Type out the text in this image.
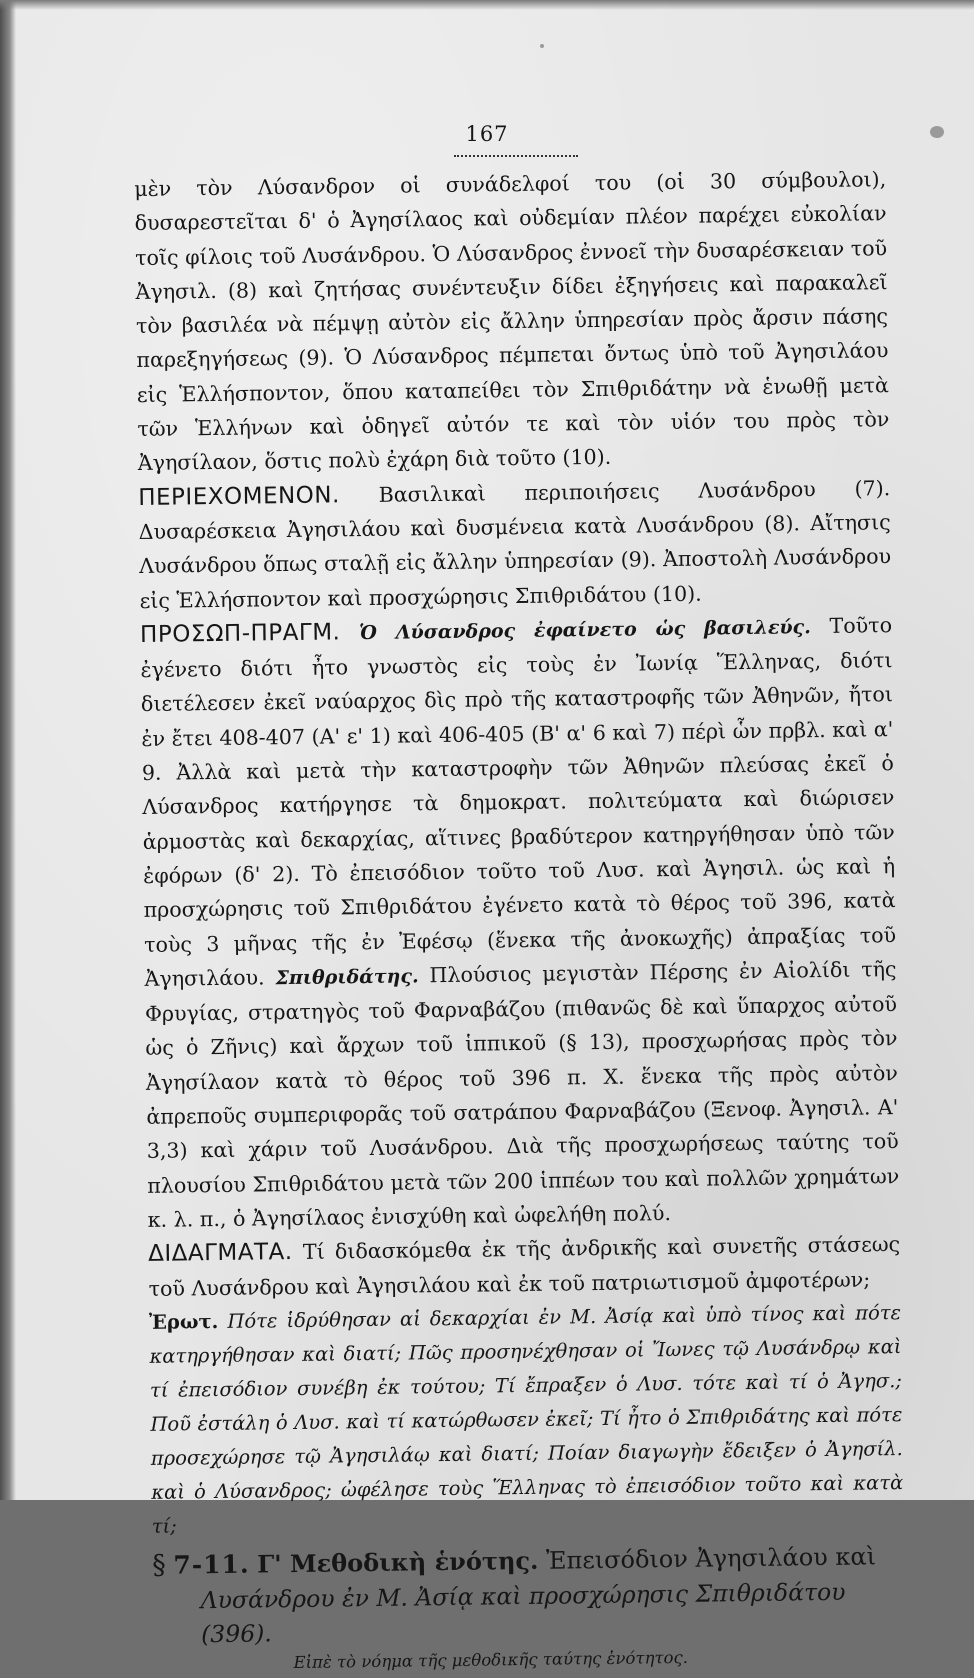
167

μὲν τὸν Λύσανδρον οἱ συνάδελφοί του (οἱ 30 σύμβουλοι), δυσαρεστεῖται δ' ὁ Ἀγησίλαος καὶ οὐδεμίαν πλέον παρέχει εὐκολίαν τοῖς φίλοις τοῦ Λυσάνδρου. Ὁ Λύσανδρος ἐννοεῖ τὴν δυσαρέσκειαν τοῦ Ἀγησιλ. (8) καὶ ζητήσας συνέντευξιν δίδει ἐξηγήσεις καὶ παρακαλεῖ τὸν βασιλέα νὰ πέμψῃ αὐτὸν εἰς ἄλλην ὑπηρεσίαν πρὸς ἄρσιν πάσης παρεξηγήσεως (9). Ὁ Λύσανδρος πέμπεται ὄντως ὑπὸ τοῦ Ἀγησιλάου εἰς Ἑλλήσποντον, ὅπου καταπείθει τὸν Σπιθριδάτην νὰ ἑνωθῇ μετὰ τῶν Ἑλλήνων καὶ ὁδηγεῖ αὐτόν τε καὶ τὸν υἱόν του πρὸς τὸν Ἀγησίλαον, ὅστις πολὺ ἐχάρη διὰ τοῦτο (10).

ΠΕΡΙΕΧΟΜΕΝΟΝ. Βασιλικαὶ περιποιήσεις Λυσάνδρου (7). Δυσαρέσκεια Ἀγησιλάου καὶ δυσμένεια κατὰ Λυσάνδρου (8). Αἴτησις Λυσάνδρου ὅπως σταλῇ εἰς ἄλλην ὑπηρεσίαν (9). Ἀποστολὴ Λυσάνδρου εἰς Ἑλλήσποντον καὶ προσχώρησις Σπιθριδάτου (10).

ΠΡΟΣΩΠ-ΠΡΑΓΜ. Ὁ Λύσανδρος ἐφαίνετο ὡς βασιλεύς. Τοῦτο ἐγένετο διότι ἦτο γνωστὸς εἰς τοὺς ἐν Ἰωνίᾳ Ἕλληνας, διότι διετέλεσεν ἐκεῖ ναύαρχος δὶς πρὸ τῆς καταστροφῆς τῶν Ἀθηνῶν, ἤτοι ἐν ἔτει 408-407 (Α' ε' 1) καὶ 406-405 (Β' α' 6 καὶ 7) πέρὶ ὧν πρβλ. καὶ α' 9. Ἀλλὰ καὶ μετὰ τὴν καταστροφὴν τῶν Ἀθηνῶν πλεύσας ἐκεῖ ὁ Λύσανδρος κατήργησε τὰ δημοκρατ. πολιτεύματα καὶ διώρισεν ἁρμοστὰς καὶ δεκαρχίας, αἵτινες βραδύτερον κατηργήθησαν ὑπὸ τῶν ἐφόρων (δ' 2). Τὸ ἐπεισόδιον τοῦτο τοῦ Λυσ. καὶ Ἀγησιλ. ὡς καὶ ἡ προσχώρησις τοῦ Σπιθριδάτου ἐγένετο κατὰ τὸ θέρος τοῦ 396, κατὰ τοὺς 3 μῆνας τῆς ἐν Ἐφέσῳ (ἕνεκα τῆς ἀνοκωχῆς) ἀπραξίας τοῦ Ἀγησιλάου. Σπιθριδάτης. Πλούσιος μεγιστὰν Πέρσης ἐν Αἰολίδι τῆς Φρυγίας, στρατηγὸς τοῦ Φαρναβάζου (πιθανῶς δὲ καὶ ὕπαρχος αὐτοῦ ὡς ὁ Ζῆνις) καὶ ἄρχων τοῦ ἱππικοῦ (§ 13), προσχωρήσας πρὸς τὸν Ἀγησίλαον κατὰ τὸ θέρος τοῦ 396 π. Χ. ἕνεκα τῆς πρὸς αὐτὸν ἀπρεποῦς συμπεριφορᾶς τοῦ σατράπου Φαρναβάζου (Ξενοφ. Ἀγησιλ. Α' 3,3) καὶ χάριν τοῦ Λυσάνδρου. Διὰ τῆς προσχωρήσεως ταύτης τοῦ πλουσίου Σπιθριδάτου μετὰ τῶν 200 ἱππέων του καὶ πολλῶν χρημάτων κ. λ. π., ὁ Ἀγησίλαος ἐνισχύθη καὶ ὠφελήθη πολύ.

ΔΙΔΑΓΜΑΤΑ. Τί διδασκόμεθα ἐκ τῆς ἀνδρικῆς καὶ συνετῆς στάσεως τοῦ Λυσάνδρου καὶ Ἀγησιλάου καὶ ἐκ τοῦ πατριωτισμοῦ ἀμφοτέρων;

Ἐρωτ. Πότε ἱδρύθησαν αἱ δεκαρχίαι ἐν Μ. Ἀσίᾳ καὶ ὑπὸ τίνος καὶ πότε κατηργήθησαν καὶ διατί; Πῶς προσηνέχθησαν οἱ Ἴωνες τῷ Λυσάνδρῳ καὶ τί ἐπεισόδιον συνέβη ἐκ τούτου; Τί ἔπραξεν ὁ Λυσ. τότε καὶ τί ὁ Ἀγησ.; Ποῦ ἐστάλη ὁ Λυσ. καὶ τί κατώρθωσεν ἐκεῖ; Τί ἦτο ὁ Σπιθριδάτης καὶ πότε προσεχώρησε τῷ Ἀγησιλάῳ καὶ διατί; Ποίαν διαγωγὴν ἔδειξεν ὁ Ἀγησίλ. καὶ ὁ Λύσανδρος; ὠφέλησε τοὺς Ἕλληνας τὸ ἐπεισόδιον τοῦτο καὶ κατὰ τί;

§ 7-11. Γ' Μεθοδικὴ ἑνότης. Ἐπεισόδιον Ἀγησιλάου καὶ
Λυσάνδρου ἐν Μ. Ἀσίᾳ καὶ προσχώρησις Σπιθριδάτου (396).
Εἰπὲ τὸ νόημα τῆς μεθοδικῆς ταύτης ἑνότητος.
